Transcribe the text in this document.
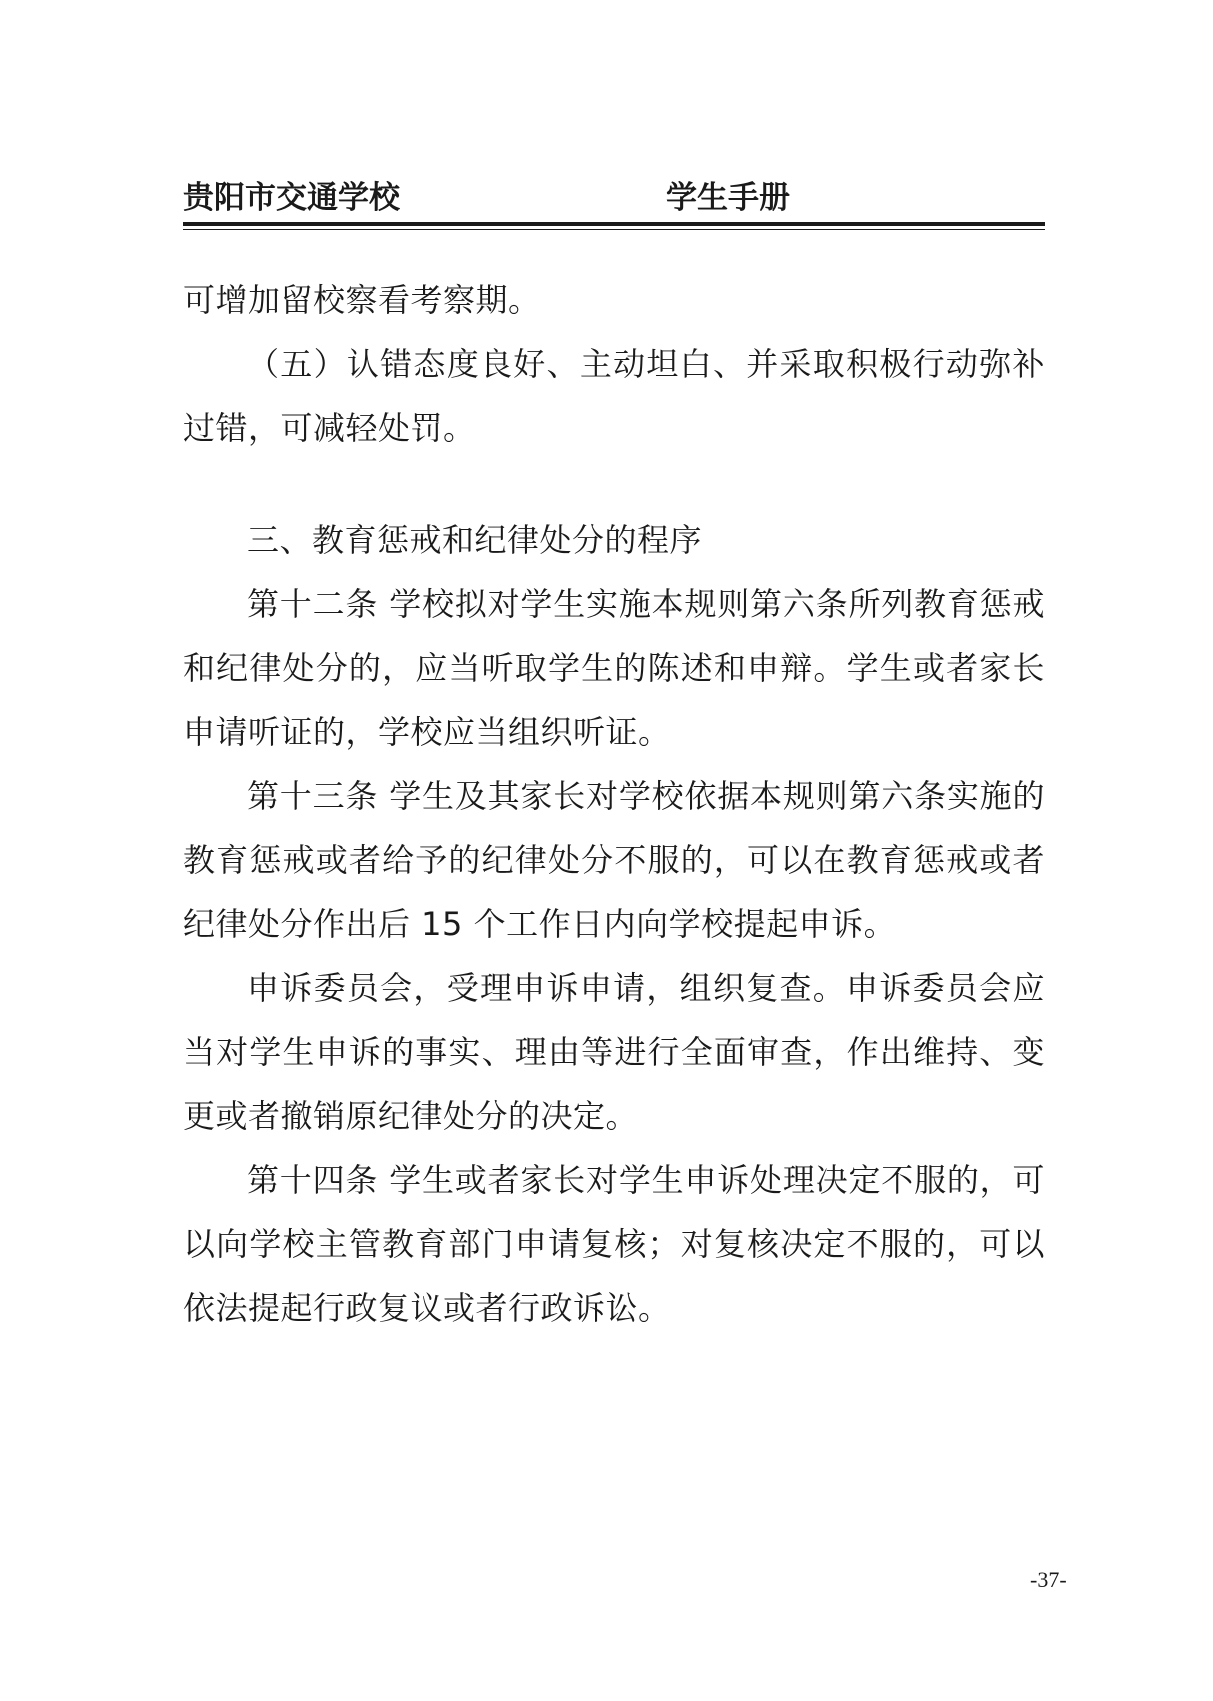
贵阳市交通学校	学生手册

可增加留校察看考察期。

（五）认错态度良好、主动坦白、并采取积极行动弥补过错，可减轻处罚。

三、教育惩戒和纪律处分的程序

第十二条 学校拟对学生实施本规则第六条所列教育惩戒和纪律处分的，应当听取学生的陈述和申辩。学生或者家长申请听证的，学校应当组织听证。

第十三条 学生及其家长对学校依据本规则第六条实施的教育惩戒或者给予的纪律处分不服的，可以在教育惩戒或者纪律处分作出后 15 个工作日内向学校提起申诉。

申诉委员会，受理申诉申请，组织复查。申诉委员会应当对学生申诉的事实、理由等进行全面审查，作出维持、变更或者撤销原纪律处分的决定。

第十四条 学生或者家长对学生申诉处理决定不服的，可以向学校主管教育部门申请复核；对复核决定不服的，可以依法提起行政复议或者行政诉讼。

-37-
